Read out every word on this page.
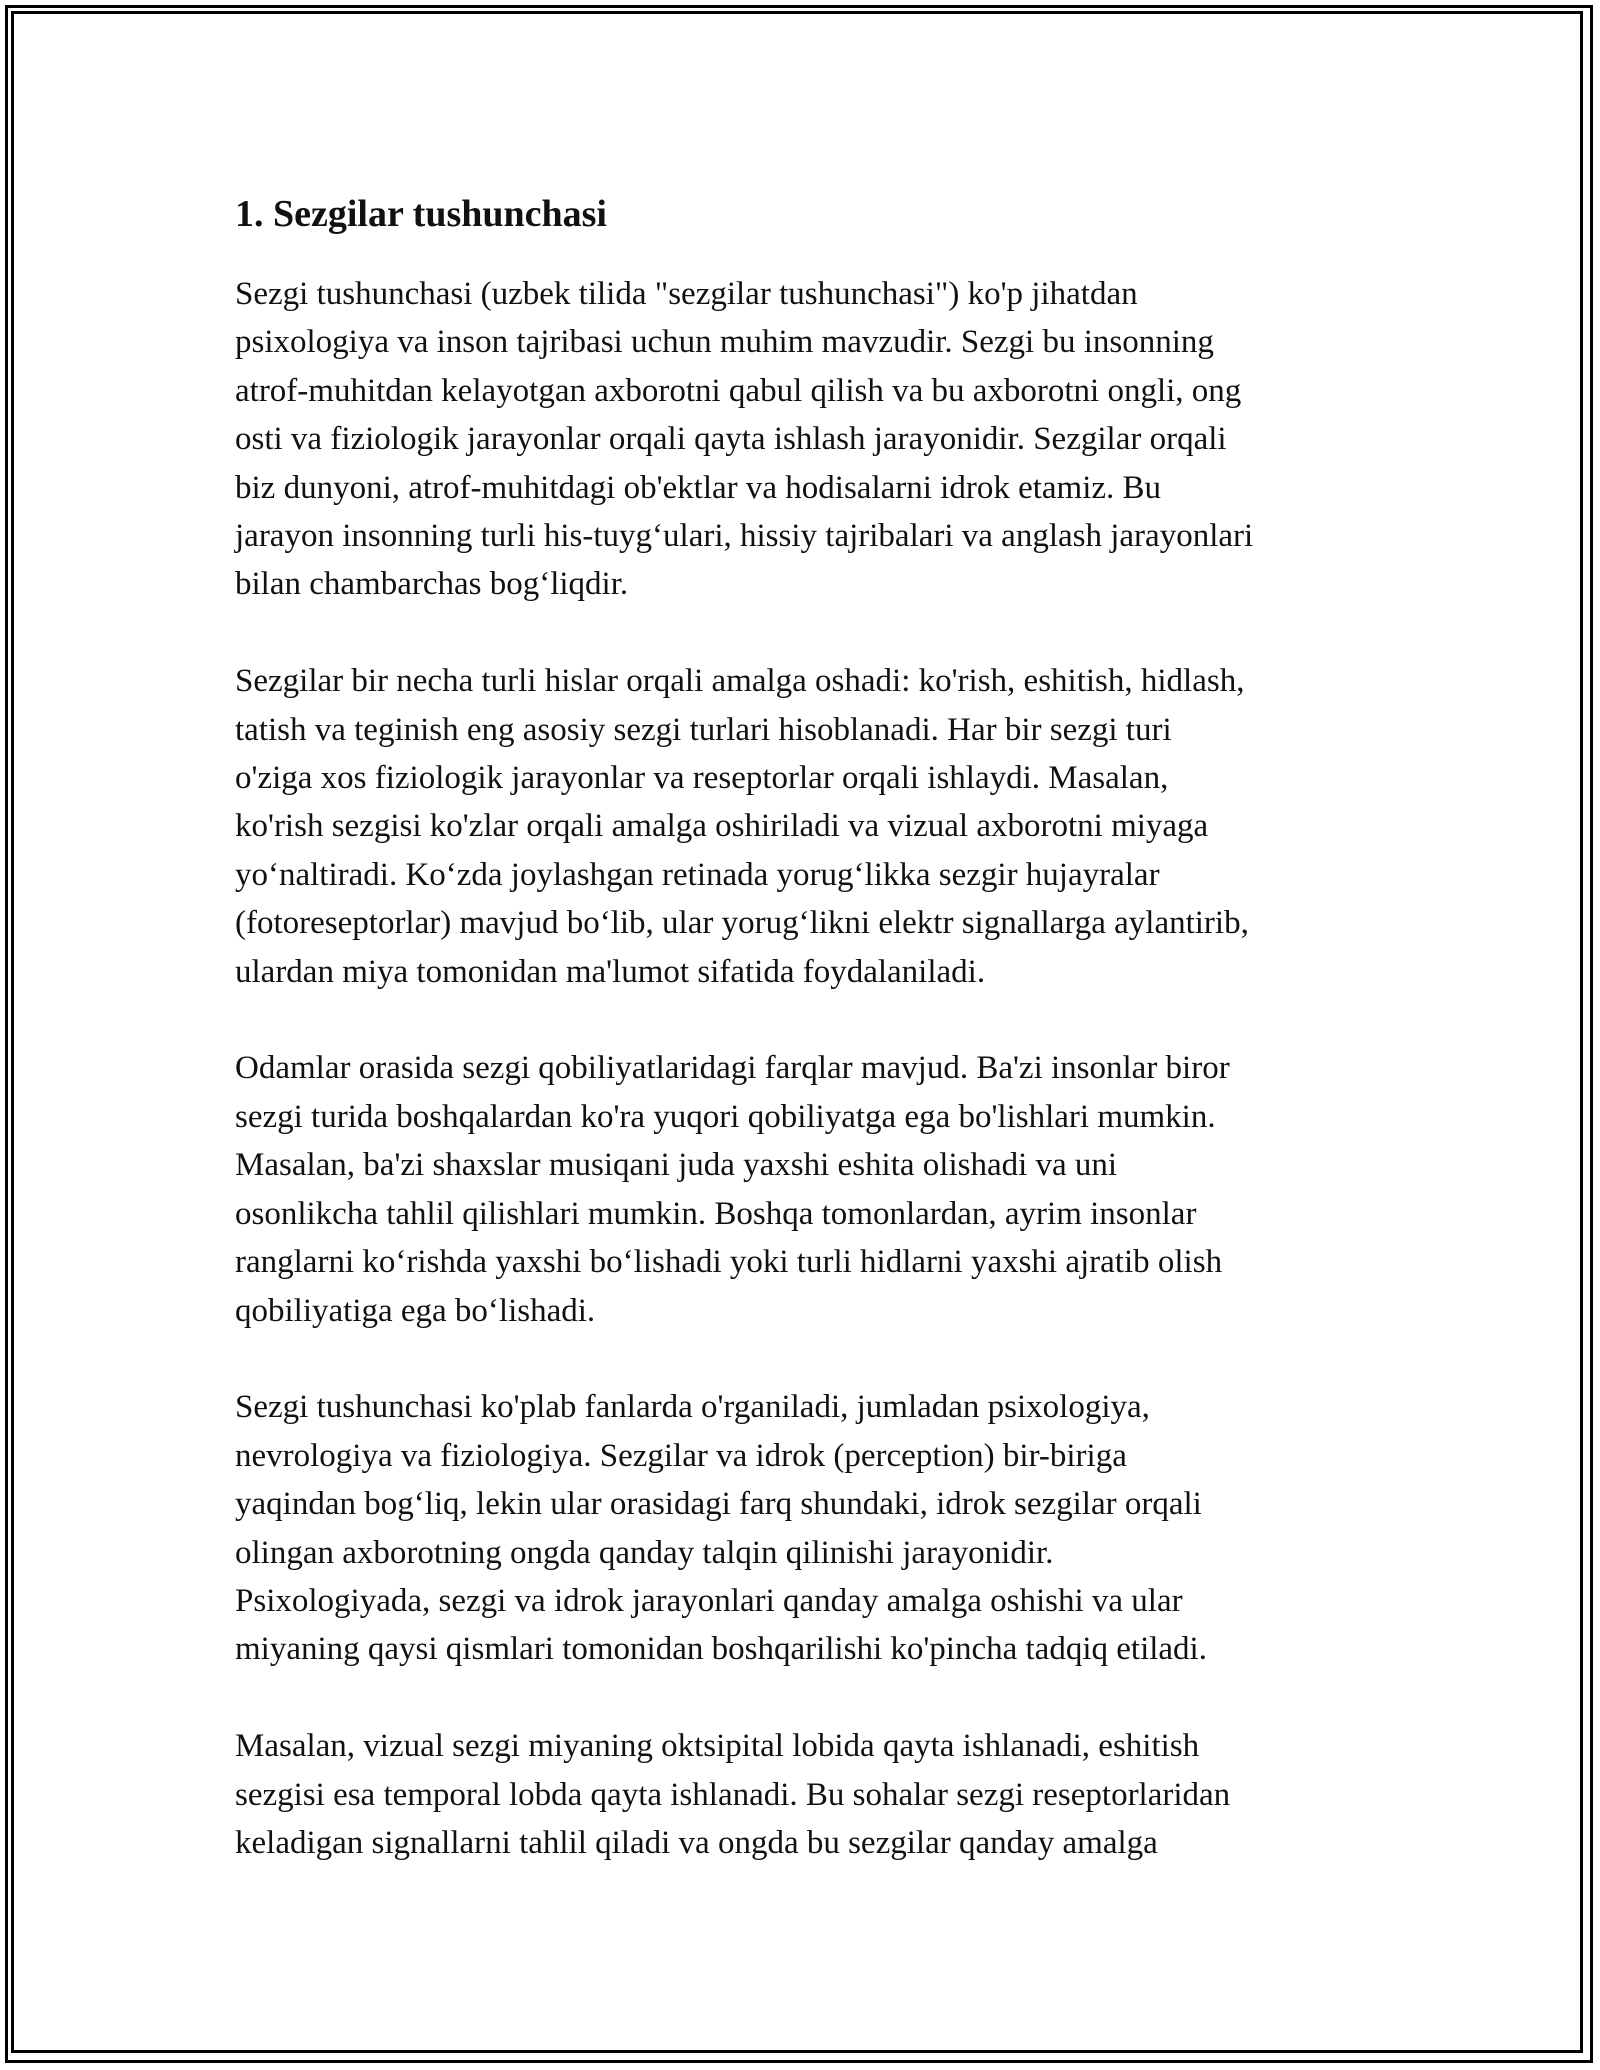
1. Sezgilar tushunchasi

Sezgi tushunchasi (uzbek tilida "sezgilar tushunchasi") ko'p jihatdan
psixologiya va inson tajribasi uchun muhim mavzudir. Sezgi bu insonning
atrof-muhitdan kelayotgan axborotni qabul qilish va bu axborotni ongli, ong
osti va fiziologik jarayonlar orqali qayta ishlash jarayonidir. Sezgilar orqali
biz dunyoni, atrof-muhitdagi ob'ektlar va hodisalarni idrok etamiz. Bu
jarayon insonning turli his-tuyg‘ulari, hissiy tajribalari va anglash jarayonlari
bilan chambarchas bog‘liqdir.

Sezgilar bir necha turli hislar orqali amalga oshadi: ko'rish, eshitish, hidlash,
tatish va teginish eng asosiy sezgi turlari hisoblanadi. Har bir sezgi turi
o'ziga xos fiziologik jarayonlar va reseptorlar orqali ishlaydi. Masalan,
ko'rish sezgisi ko'zlar orqali amalga oshiriladi va vizual axborotni miyaga
yo‘naltiradi. Ko‘zda joylashgan retinada yorug‘likka sezgir hujayralar
(fotoreseptorlar) mavjud bo‘lib, ular yorug‘likni elektr signallarga aylantirib,
ulardan miya tomonidan ma'lumot sifatida foydalaniladi.

Odamlar orasida sezgi qobiliyatlaridagi farqlar mavjud. Ba'zi insonlar biror
sezgi turida boshqalardan ko'ra yuqori qobiliyatga ega bo'lishlari mumkin.
Masalan, ba'zi shaxslar musiqani juda yaxshi eshita olishadi va uni
osonlikcha tahlil qilishlari mumkin. Boshqa tomonlardan, ayrim insonlar
ranglarni ko‘rishda yaxshi bo‘lishadi yoki turli hidlarni yaxshi ajratib olish
qobiliyatiga ega bo‘lishadi.

Sezgi tushunchasi ko'plab fanlarda o'rganiladi, jumladan psixologiya,
nevrologiya va fiziologiya. Sezgilar va idrok (perception) bir-biriga
yaqindan bog‘liq, lekin ular orasidagi farq shundaki, idrok sezgilar orqali
olingan axborotning ongda qanday talqin qilinishi jarayonidir.
Psixologiyada, sezgi va idrok jarayonlari qanday amalga oshishi va ular
miyaning qaysi qismlari tomonidan boshqarilishi ko'pincha tadqiq etiladi.

Masalan, vizual sezgi miyaning oktsipital lobida qayta ishlanadi, eshitish
sezgisi esa temporal lobda qayta ishlanadi. Bu sohalar sezgi reseptorlaridan
keladigan signallarni tahlil qiladi va ongda bu sezgilar qanday amalga
